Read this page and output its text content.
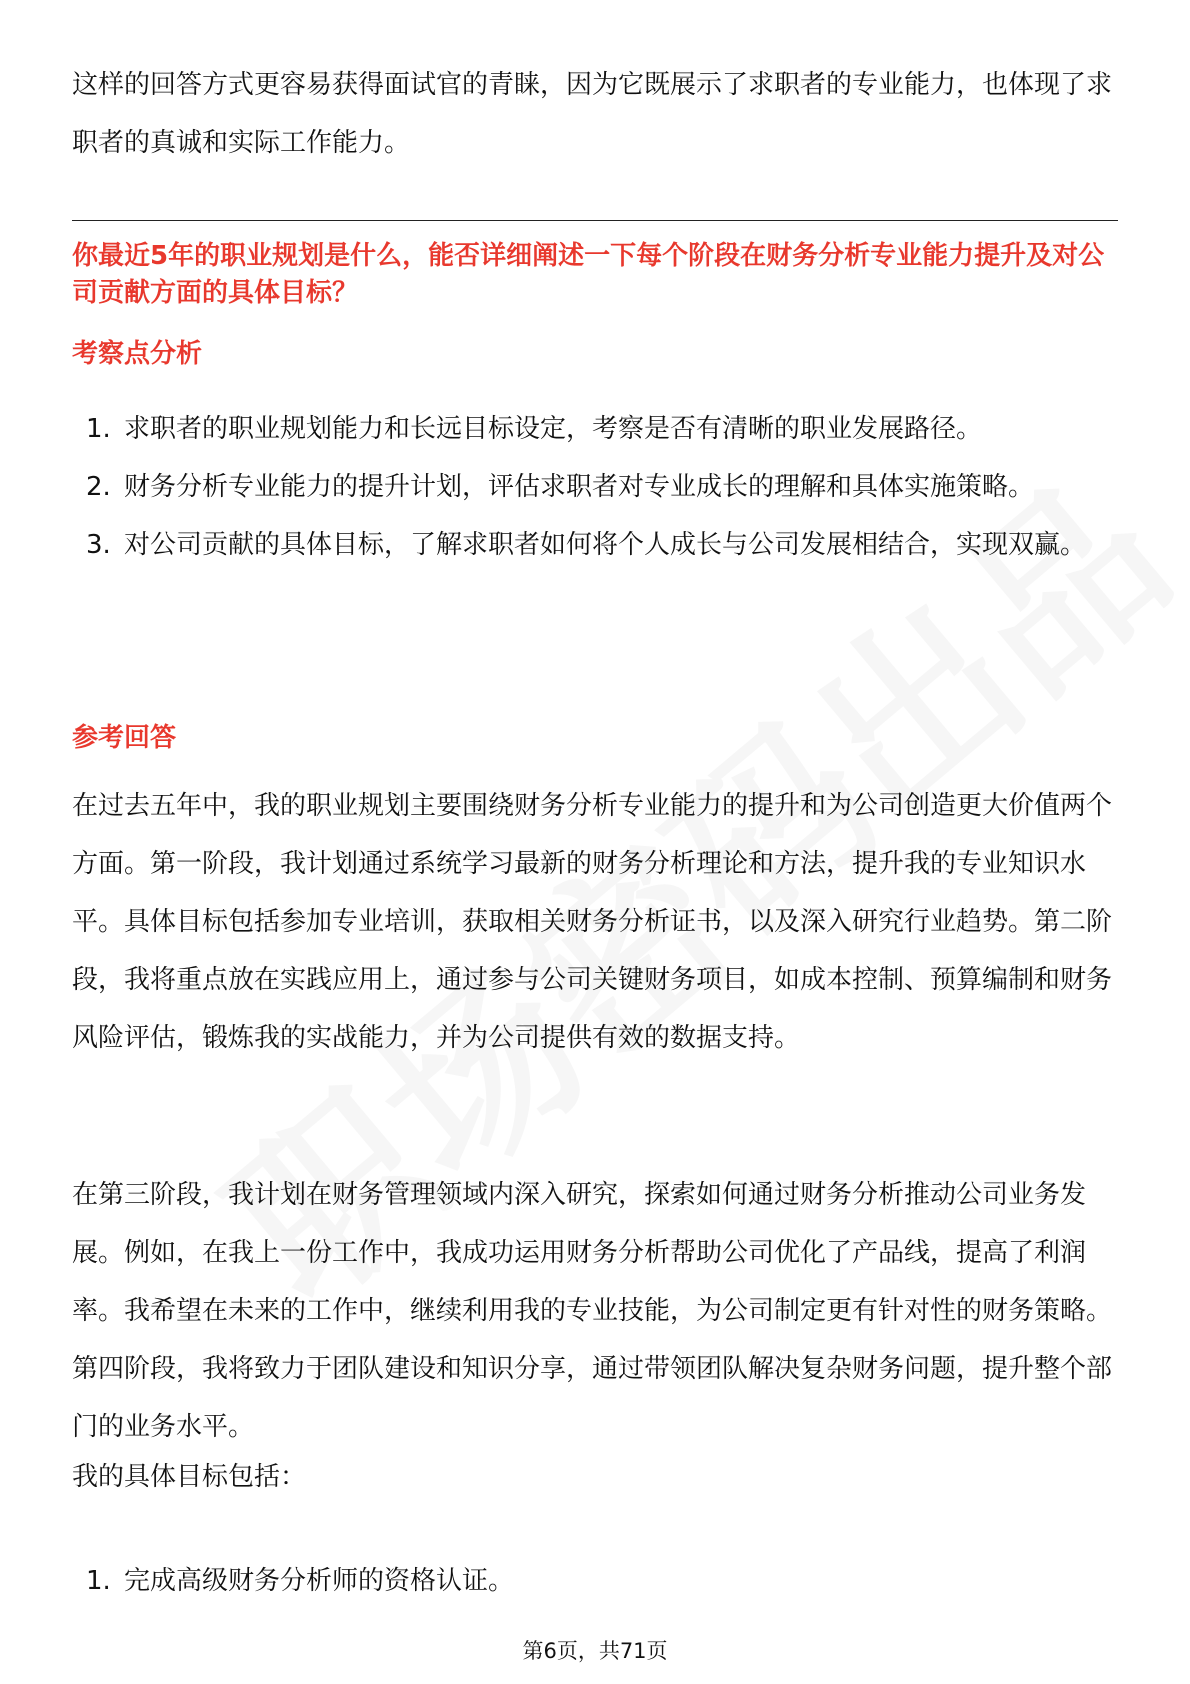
这样的回答方式更容易获得面试官的青睐，因为它既展示了求职者的专业能力，也体现了求职者的真诚和实际工作能力。

你最近5年的职业规划是什么，能否详细阐述一下每个阶段在财务分析专业能力提升及对公司贡献方面的具体目标？

考察点分析
1. 求职者的职业规划能力和长远目标设定，考察是否有清晰的职业发展路径。
2. 财务分析专业能力的提升计划，评估求职者对专业成长的理解和具体实施策略。
3. 对公司贡献的具体目标，了解求职者如何将个人成长与公司发展相结合，实现双赢。
参考回答

在过去五年中，我的职业规划主要围绕财务分析专业能力的提升和为公司创造更大价值两个方面。第一阶段，我计划通过系统学习最新的财务分析理论和方法，提升我的专业知识水平。具体目标包括参加专业培训，获取相关财务分析证书，以及深入研究行业趋势。第二阶段，我将重点放在实践应用上，通过参与公司关键财务项目，如成本控制、预算编制和财务风险评估，锻炼我的实战能力，并为公司提供有效的数据支持。

在第三阶段，我计划在财务管理领域内深入研究，探索如何通过财务分析推动公司业务发展。例如，在我上一份工作中，我成功运用财务分析帮助公司优化了产品线，提高了利润率。我希望在未来的工作中，继续利用我的专业技能，为公司制定更有针对性的财务策略。第四阶段，我将致力于团队建设和知识分享，通过带领团队解决复杂财务问题，提升整个部门的业务水平。

我的具体目标包括：

1. 完成高级财务分析师的资格认证。
第6页，共71页
